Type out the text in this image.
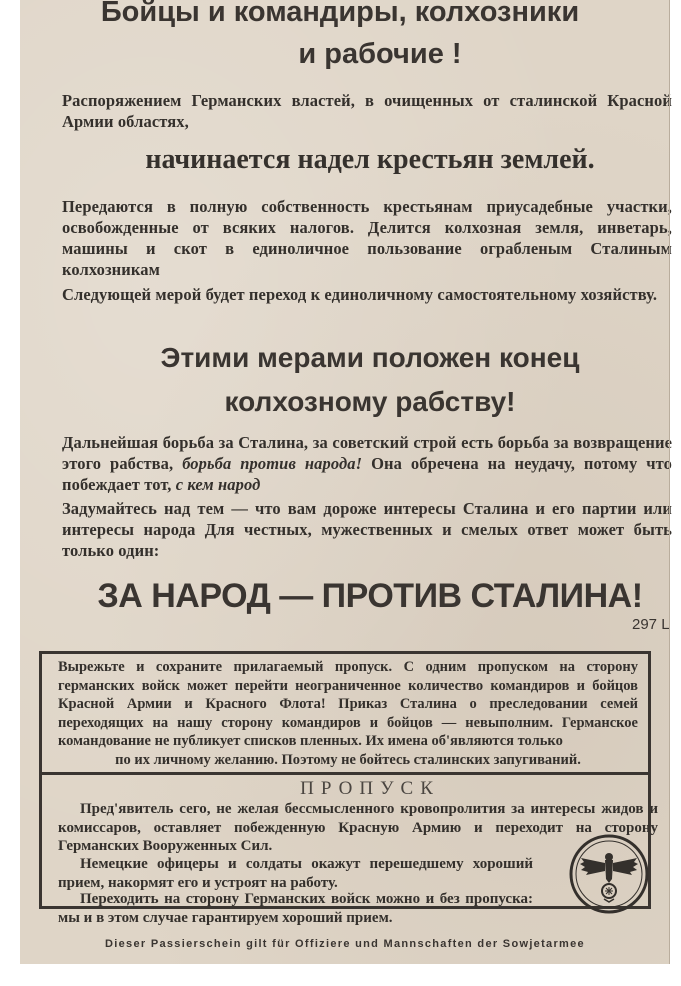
Бойцы и командиры, колхозники
и рабочие !

Распоряжением Германских властей, в очищенных от сталинской Красной Армии областях,

начинается надел крестьян землей.

Передаются в полную собственность крестьянам приусадебные участки, освобожденные от всяких налогов. Делится колхозная земля, инветарь, машины и скот в единоличное пользование ограбленым Сталиным колхозникам

Следующей мерой будет переход к единоличному самостоятельному хозяйству.

Этими мерами положен конец
колхозному рабству!

Дальнейшая борьба за Сталина, за советский строй есть борьба за возвращение этого рабства, борьба против народа! Она обречена на неудачу, потому что побеждает тот, с кем народ

Задумайтесь над тем — что вам дороже интересы Сталина и его партии или интересы народа Для честных, мужественных и смелых ответ может быть только один:

ЗА НАРОД — ПРОТИВ СТАЛИНА!
297 L

Вырежьте и сохраните прилагаемый пропуск. С одним пропуском на сторону германских войск может перейти неограниченное количество командиров и бойцов Красной Армии и Красного Флота! Приказ Сталина о преследовании семей переходящих на нашу сторону командиров и бойцов — невыполним. Германское командование не публикует списков пленных. Их имена об'являются только

по их личному желанию. Поэтому не бойтесь сталинских запугиваний.

ПРОПУСК

Пред'явитель сего, не желая бессмысленного кровопролития за интересы жидов и комиссаров, оставляет побежденную Красную Армию и переходит на сторону Германских Вооруженных Сил.

Немецкие офицеры и солдаты окажут перешедшему хороший прием, накормят его и устроят на работу.

Переходить на сторону Германских войск можно и без пропуска: мы и в этом случае гарантируем хороший прием.

Dieser Passierschein gilt für Offiziere und Mannschaften der Sowjetarmee
